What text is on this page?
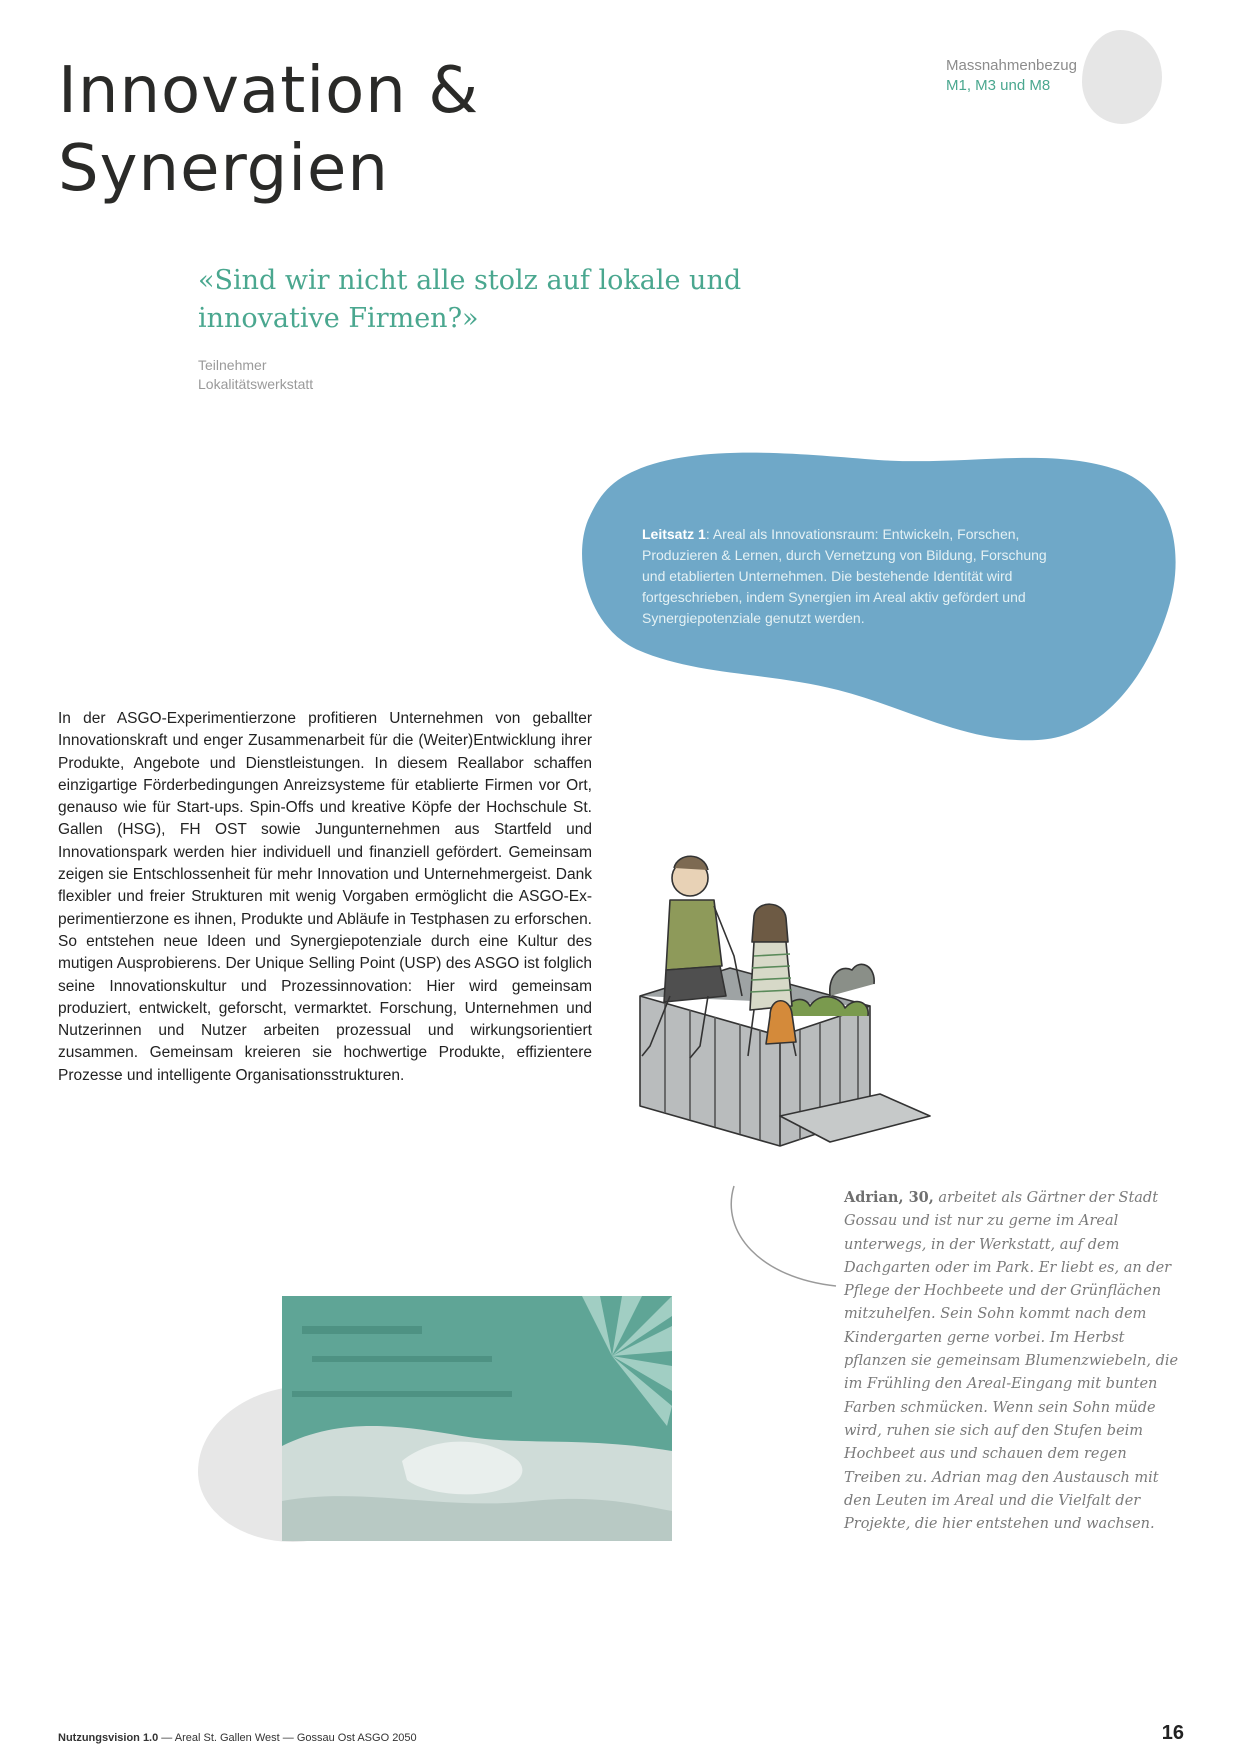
Innovation &
Synergien
Massnahmenbezug
M1, M3 und M8
«Sind wir nicht alle stolz auf lokale und innovative Firmen?»
Teilnehmer
Lokalitätswerkstatt
Leitsatz 1: Areal als Innovationsraum: Entwickeln, Forschen, Produzieren & Lernen, durch Vernetzung von Bildung, Forschung und etablierten Unternehmen. Die bestehende Identität wird fortgeschrieben, indem Synergien im Areal aktiv gefördert und Synergiepotenziale genutzt werden.

In der ASGO-Experimentierzone profitieren Unternehmen von geballter Innovationskraft und enger Zusammenarbeit für die (Weiter)Entwicklung ihrer Produkte, Angebote und Dienstleistungen. In diesem Reallabor schaffen einzigartige Förderbedingungen Anreizsysteme für etablierte Firmen vor Ort, genauso wie für Start-ups. Spin-Offs und kreative Köpfe der Hochschule St. Gallen (HSG), FH OST sowie Jungunternehmen aus Startfeld und Innovationspark werden hier individuell und finanziell gefördert. Gemeinsam zeigen sie Entschlossenheit für mehr Innovation und Unternehmergeist. Dank flexibler und freier Strukturen mit wenig Vorgaben ermöglicht die ASGO-Experimentierzone es ihnen, Produkte und Abläufe in Testphasen zu erforschen. So entstehen neue Ideen und Synergiepotenziale durch eine Kultur des mutigen Ausprobierens. Der Unique Selling Point (USP) des ASGO ist folglich seine Innovationskultur und Prozessinnovation: Hier wird gemeinsam produziert, entwickelt, geforscht, vermarktet. Forschung, Unternehmen und Nutzerinnen und Nutzer arbeiten prozessual und wirkungsorientiert zusammen. Gemeinsam kreieren sie hochwertige Produkte, effizientere Prozesse und intelligente Organisationsstrukturen.

Adrian, 30, arbeitet als Gärtner der Stadt Gossau und ist nur zu gerne im Areal unterwegs, in der Werkstatt, auf dem Dachgarten oder im Park. Er liebt es, an der Pflege der Hochbeete und der Grünflächen mitzuhelfen. Sein Sohn kommt nach dem Kindergarten gerne vorbei. Im Herbst pflanzen sie gemeinsam Blumenzwiebeln, die im Frühling den Areal-Eingang mit bunten Farben schmücken. Wenn sein Sohn müde wird, ruhen sie sich auf den Stufen beim Hochbeet aus und schauen dem regen Treiben zu. Adrian mag den Austausch mit den Leuten im Areal und die Vielfalt der Projekte, die hier entstehen und wachsen.
Nutzungsvision 1.0 — Areal St. Gallen West — Gossau Ost ASGO 2050	16
